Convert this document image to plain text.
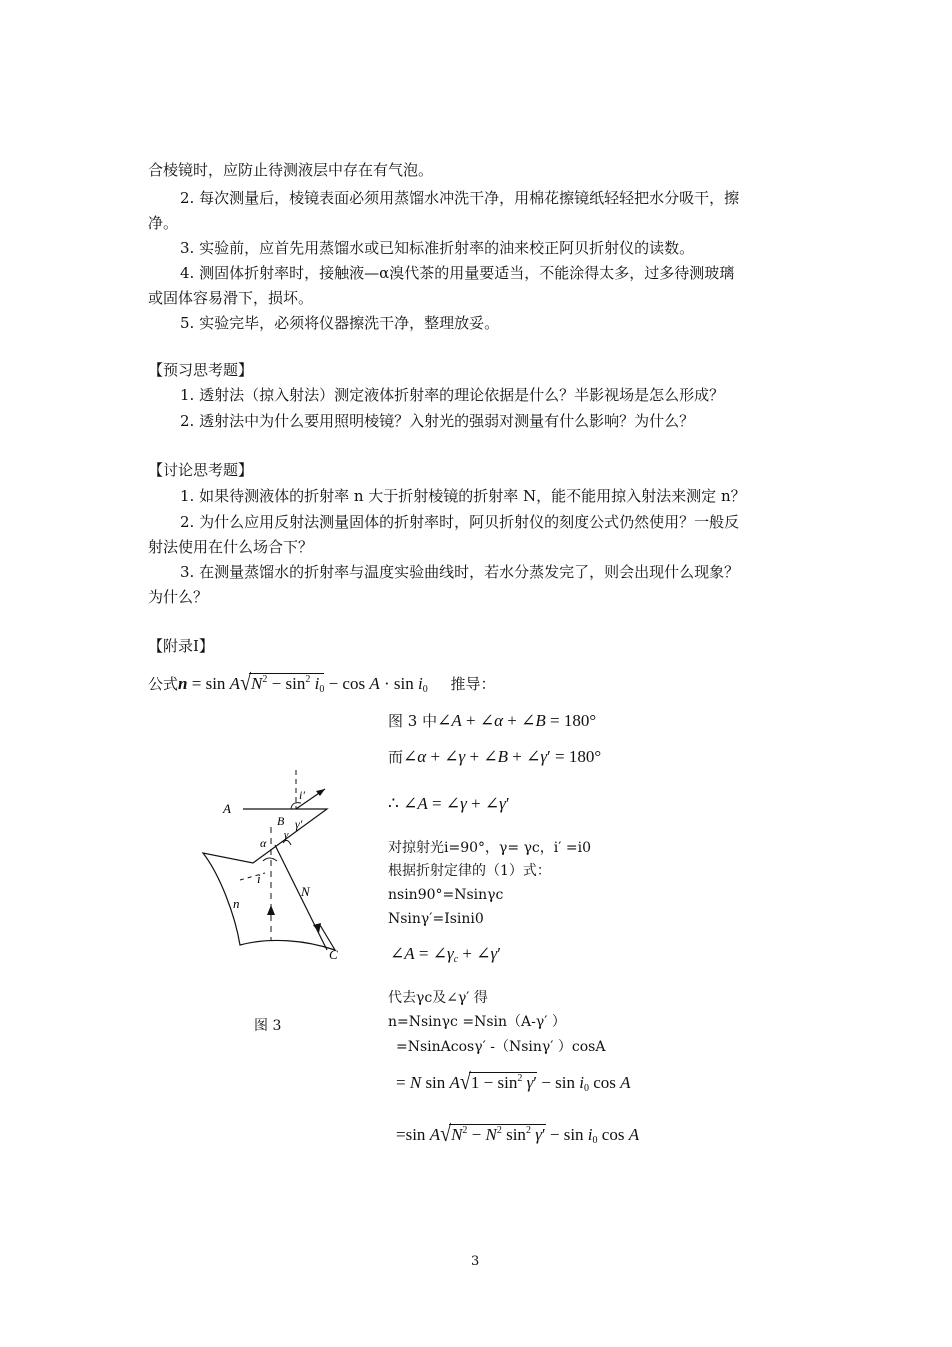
合棱镜时，应防止待测液层中存在有气泡。
2. 每次测量后，棱镜表面必须用蒸馏水冲洗干净，用棉花擦镜纸轻轻把水分吸干，擦
净。
3. 实验前，应首先用蒸馏水或已知标准折射率的油来校正阿贝折射仪的读数。
4. 测固体折射率时，接触液—α溴代茶的用量要适当，不能涂得太多，过多待测玻璃
或固体容易滑下，损坏。
5. 实验完毕，必须将仪器擦洗干净，整理放妥。
【预习思考题】
1. 透射法（掠入射法）测定液体折射率的理论依据是什么？半影视场是怎么形成？
2. 透射法中为什么要用照明棱镜？入射光的强弱对测量有什么影响？为什么？
【讨论思考题】
1. 如果待测液体的折射率 n 大于折射棱镜的折射率 N，能不能用掠入射法来测定 n？
2. 为什么应用反射法测量固体的折射率时，阿贝折射仪的刻度公式仍然使用？一般反
射法使用在什么场合下？
3. 在测量蒸馏水的折射率与温度实验曲线时，若水分蒸发完了，则会出现什么现象？
为什么？
【附录Ⅰ】
公式$n = \sin A√N^2 - \sin^2 i_0 - \cos A \cdot \sin i_0$ 推导：
图 3 中∠A + ∠α + ∠B = 180°
而∠α + ∠γ + ∠B + ∠γ′ = 180°
∴ ∠A = ∠γ + ∠γ′
对掠射光i=90°，γ= γc，i′ =i0
根据折射定律的（1）式：
nsin90°=Nsinγc
Nsinγ′=Isini0
∠A = $\angle\gamma_c$ + ∠γ′
代去γc及∠γ′ 得
n=Nsinγc =Nsin（A-γ′ ）
=NsinAcosγ′ -（Nsinγ′ ）cosA
= N $\sin A√1 - \sin^2 \gamma' - \sin i_0$ cos A
=sin $A√N^2 - N^2$ $\sin^2 \gamma' - \sin i_0$ cos A
A
B γ′
γ
α
i′
i
n
N
C
图 3
3
